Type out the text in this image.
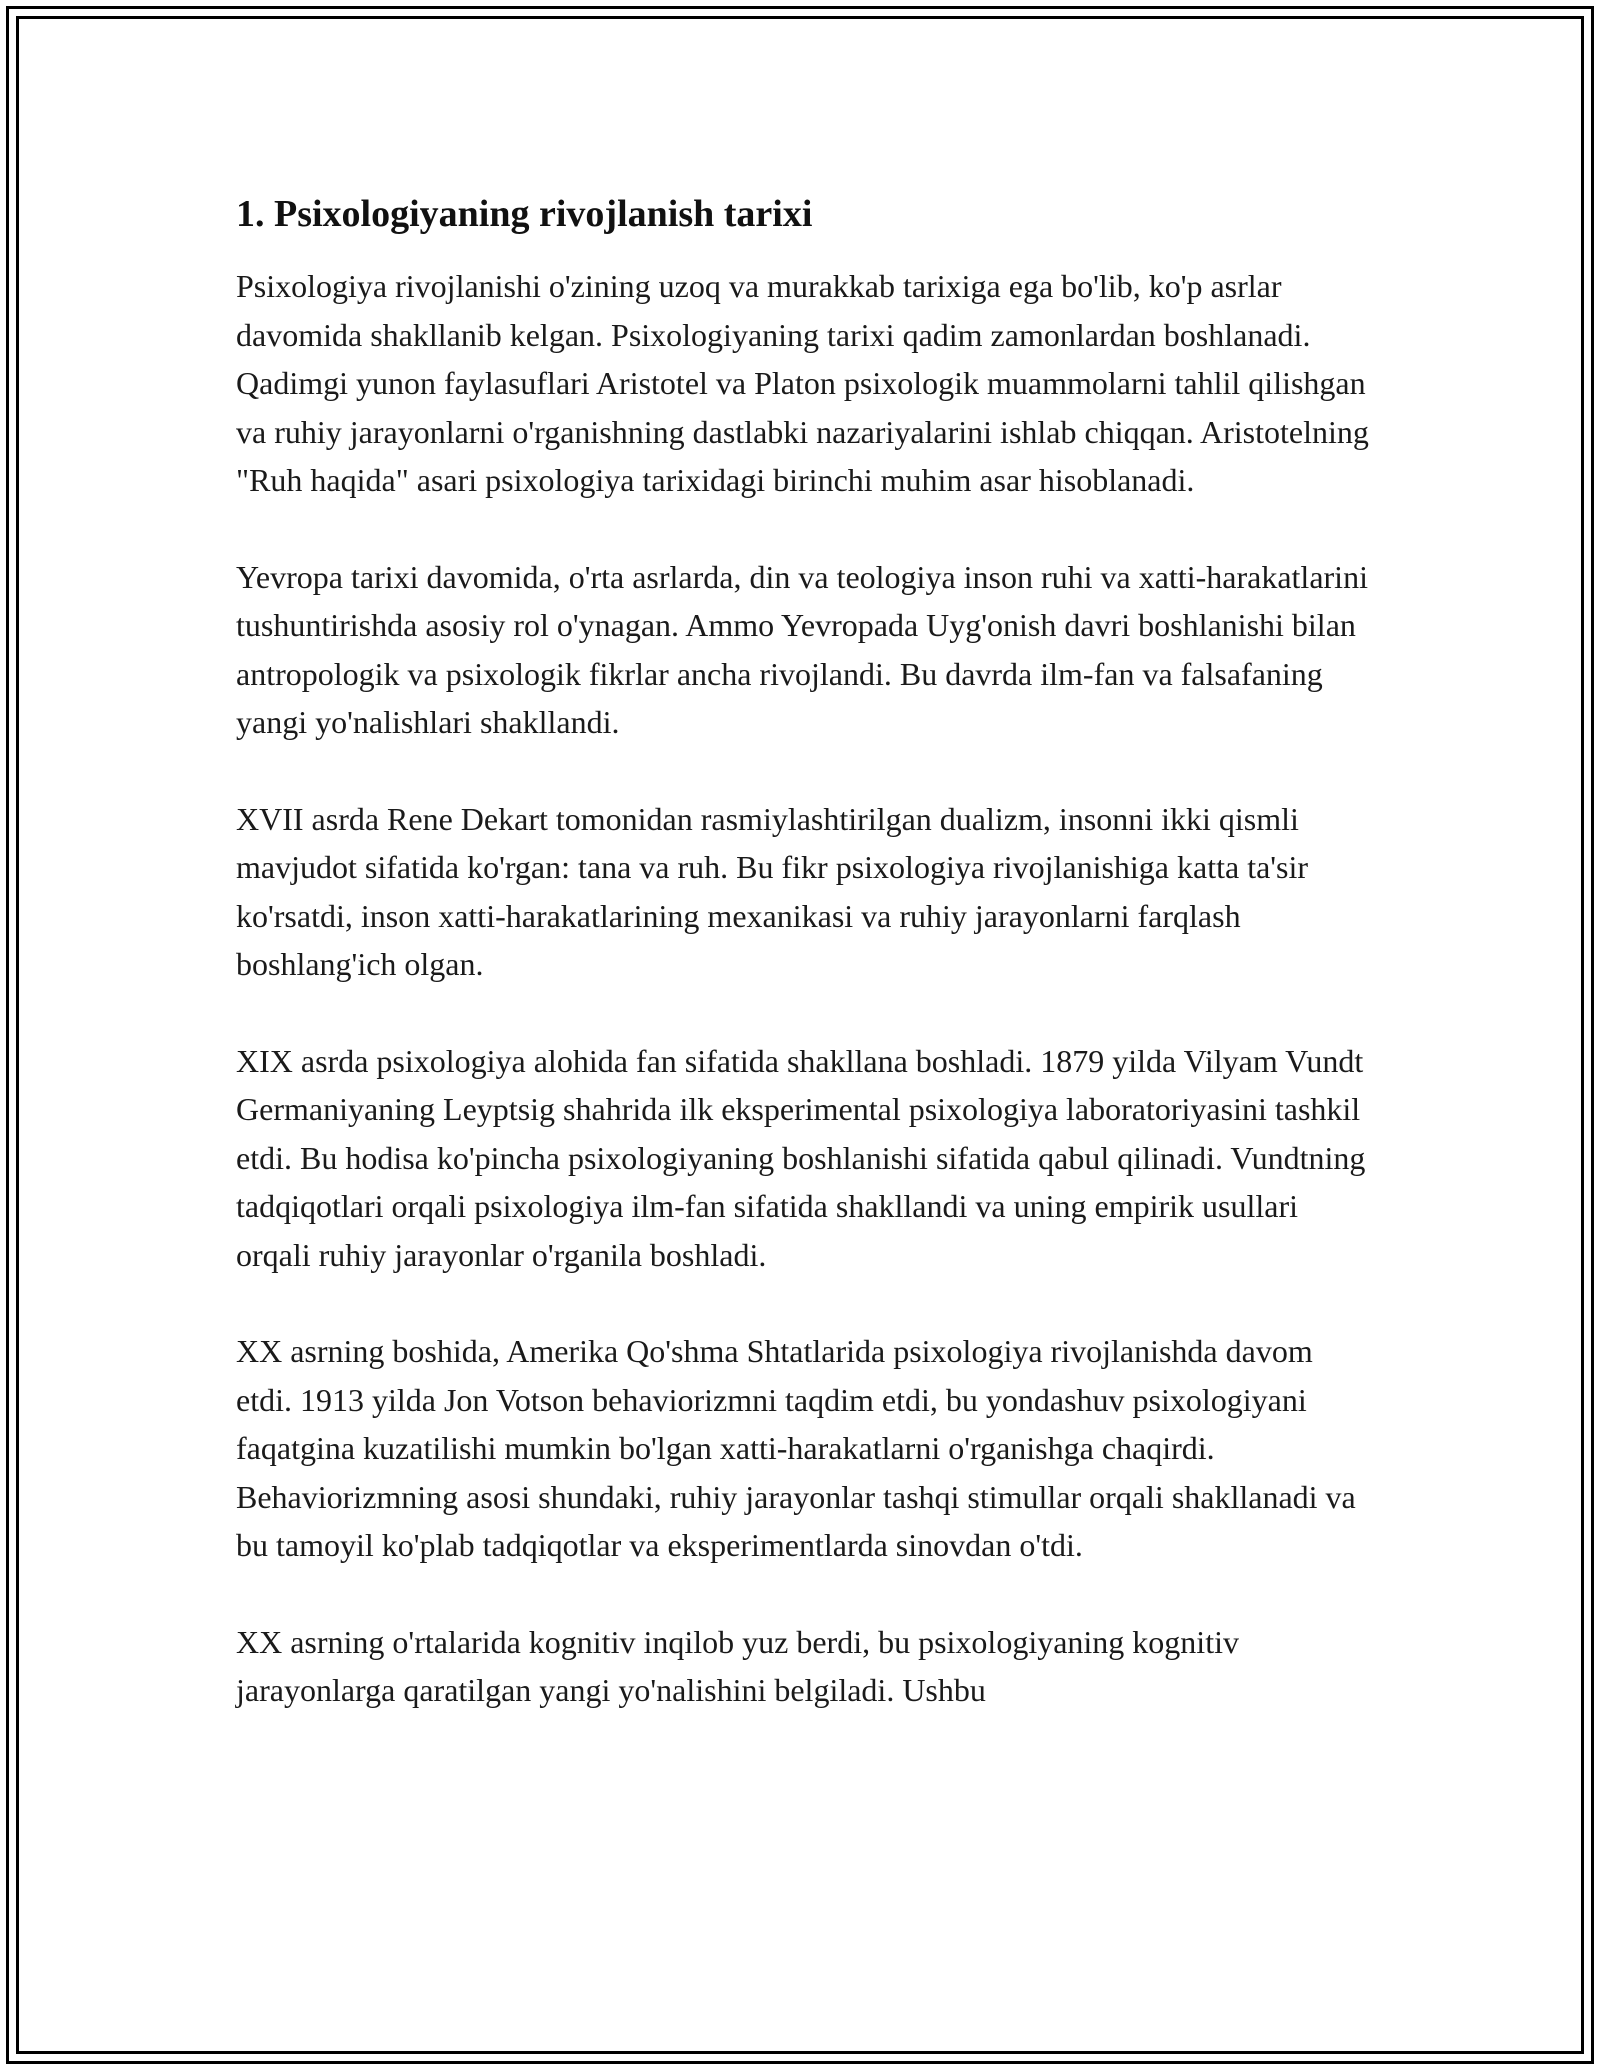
1. Psixologiyaning rivojlanish tarixi

Psixologiya rivojlanishi o'zining uzoq va murakkab tarixiga ega bo'lib, ko'p asrlar davomida shakllanib kelgan. Psixologiyaning tarixi qadim zamonlardan boshlanadi. Qadimgi yunon faylasuflari Aristotel va Platon psixologik muammolarni tahlil qilishgan va ruhiy jarayonlarni o'rganishning dastlabki nazariyalarini ishlab chiqqan. Aristotelning "Ruh haqida" asari psixologiya tarixidagi birinchi muhim asar hisoblanadi.

Yevropa tarixi davomida, o'rta asrlarda, din va teologiya inson ruhi va xatti-harakatlarini tushuntirishda asosiy rol o'ynagan. Ammo Yevropada Uyg'onish davri boshlanishi bilan antropologik va psixologik fikrlar ancha rivojlandi. Bu davrda ilm-fan va falsafaning yangi yo'nalishlari shakllandi.

XVII asrda Rene Dekart tomonidan rasmiylashtirilgan dualizm, insonni ikki qismli mavjudot sifatida ko'rgan: tana va ruh. Bu fikr psixologiya rivojlanishiga katta ta'sir ko'rsatdi, inson xatti-harakatlarining mexanikasi va ruhiy jarayonlarni farqlash boshlang'ich olgan.

XIX asrda psixologiya alohida fan sifatida shakllana boshladi. 1879 yilda Vilyam Vundt Germaniyaning Leyptsig shahrida ilk eksperimental psixologiya laboratoriyasini tashkil etdi. Bu hodisa ko'pincha psixologiyaning boshlanishi sifatida qabul qilinadi. Vundtning tadqiqotlari orqali psixologiya ilm-fan sifatida shakllandi va uning empirik usullari orqali ruhiy jarayonlar o'rganila boshladi.

XX asrning boshida, Amerika Qo'shma Shtatlarida psixologiya rivojlanishda davom etdi. 1913 yilda Jon Votson behaviorizmni taqdim etdi, bu yondashuv psixologiyani faqatgina kuzatilishi mumkin bo'lgan xatti-harakatlarni o'rganishga chaqirdi. Behaviorizmning asosi shundaki, ruhiy jarayonlar tashqi stimullar orqali shakllanadi va bu tamoyil ko'plab tadqiqotlar va eksperimentlarda sinovdan o'tdi.

XX asrning o'rtalarida kognitiv inqilob yuz berdi, bu psixologiyaning kognitiv jarayonlarga qaratilgan yangi yo'nalishini belgiladi. Ushbu
